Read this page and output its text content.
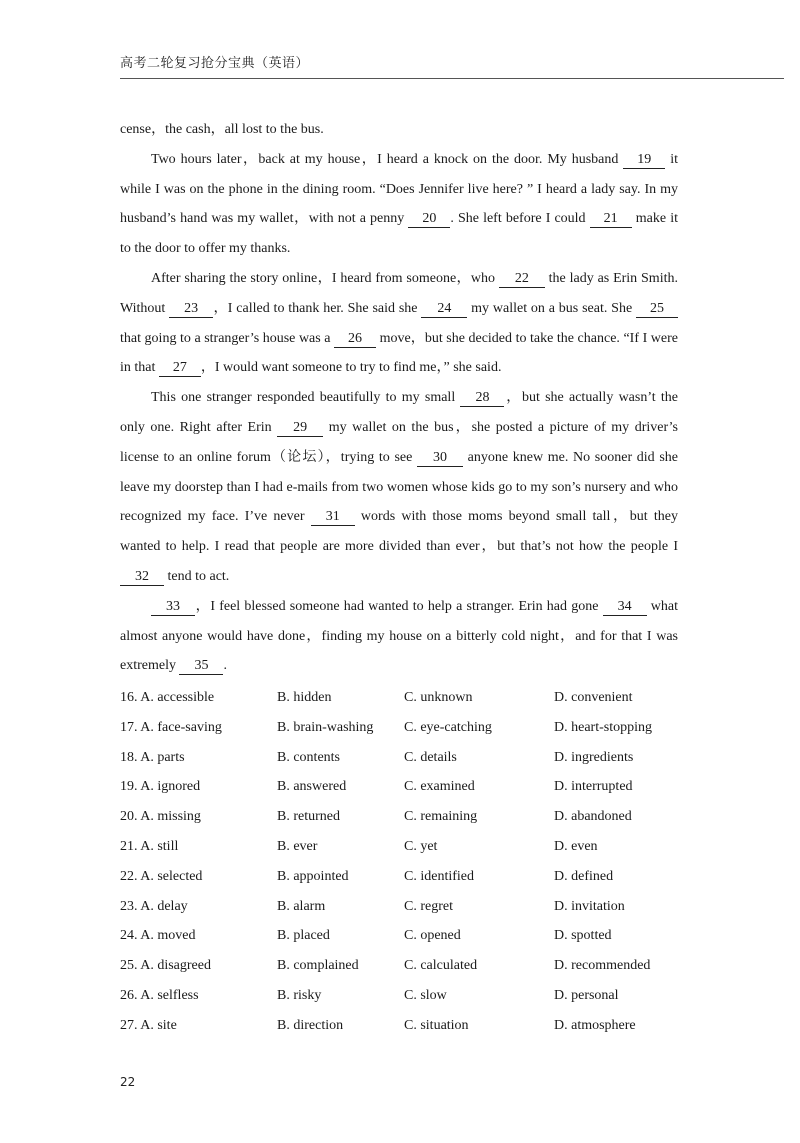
高考二轮复习抢分宝典（英语）

cense，the cash，all lost to the bus.

Two hours later，back at my house，I heard a knock on the door. My husband 19 it while I was on the phone in the dining room. “Does Jennifer live here? ” I heard a lady say. In my husband’s hand was my wallet，with not a penny 20 . She left before I could 21 make it to the door to offer my thanks.

After sharing the story online，I heard from someone，who 22 the lady as Erin Smith. Without 23 ，I called to thank her. She said she 24 my wallet on a bus seat. She 25 that going to a stranger’s house was a 26 move，but she decided to take the chance. “If I were in that 27 ，I would want someone to try to find me，” she said.

This one stranger responded beautifully to my small 28 ，but she actually wasn’t the only one. Right after Erin 29 my wallet on the bus，she posted a picture of my driver’s license to an online forum（论坛），trying to see 30 anyone knew me. No sooner did she leave my doorstep than I had e-mails from two women whose kids go to my son’s nursery and who recognized my face. I’ve never 31 words with those moms beyond small tall，but they wanted to help. I read that people are more divided than ever，but that’s not how the people I 32 tend to act.

33 ，I feel blessed someone had wanted to help a stranger. Erin had gone 34 what almost anyone would have done，finding my house on a bitterly cold night，and for that I was extremely 35 .

16. A. accessible	B. hidden	C. unknown	D. convenient
17. A. face-saving	B. brain-washing C. eye-catching	D. heart-stopping
18. A. parts	B. contents	C. details	D. ingredients
19. A. ignored	B. answered	C. examined	D. interrupted
20. A. missing	B. returned	C. remaining	D. abandoned
21. A. still	B. ever	C. yet	D. even
22. A. selected	B. appointed	C. identified	D. defined
23. A. delay	B. alarm	C. regret	D. invitation
24. A. moved	B. placed	C. opened	D. spotted
25. A. disagreed	B. complained	C. calculated	D. recommended
26. A. selfless	B. risky	C. slow	D. personal
27. A. site	B. direction	C. situation	D. atmosphere
22
